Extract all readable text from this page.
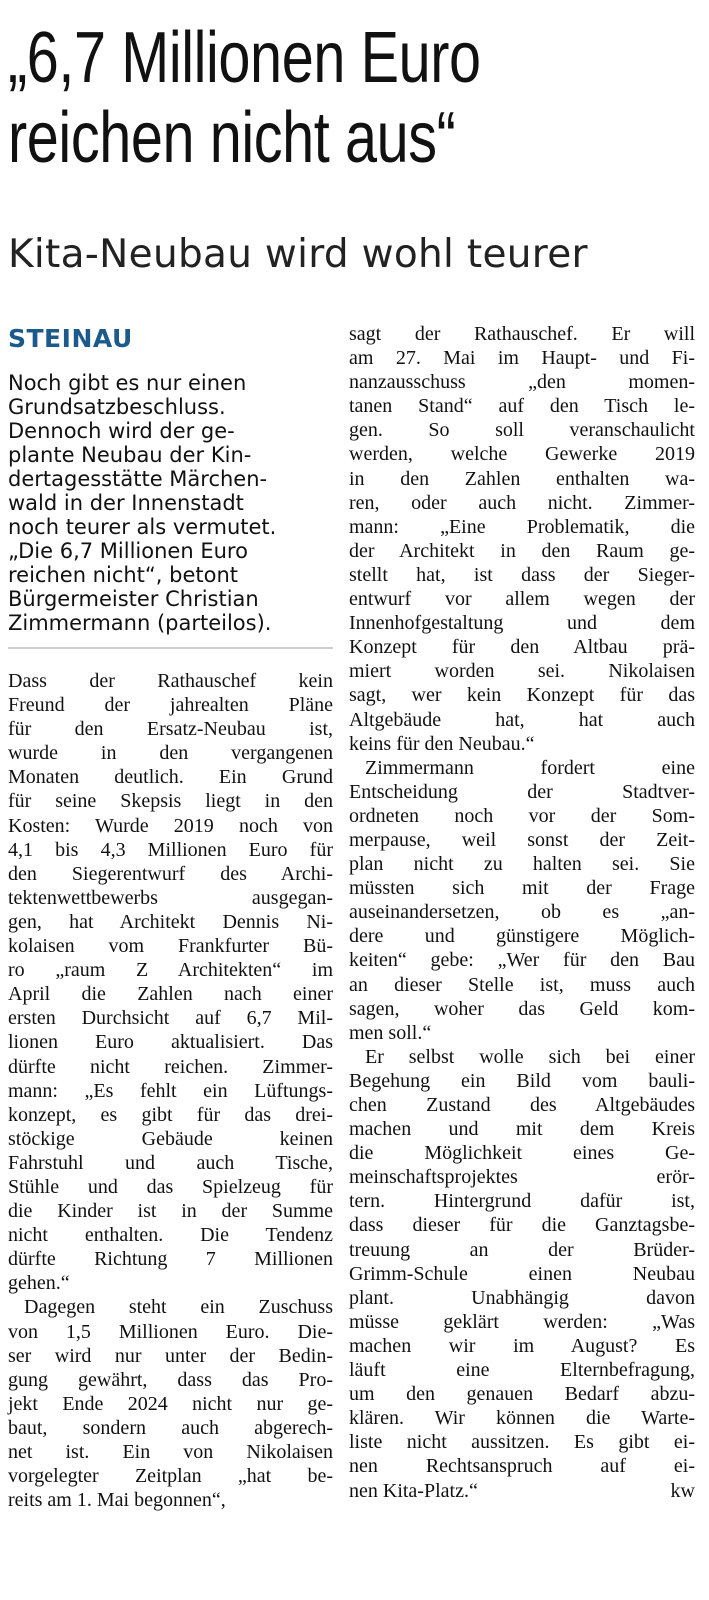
„6,7 Millionen Euro
reichen nicht aus“
Kita-Neubau wird wohl teurer
STEINAU
Noch gibt es nur einen
Grundsatzbeschluss.
Dennoch wird der ge-
plante Neubau der Kin-
dertagesstätte Märchen-
wald in der Innenstadt
noch teurer als vermutet.
„Die 6,7 Millionen Euro
reichen nicht“, betont
Bürgermeister Christian
Zimmermann (parteilos).
Dass der Rathauschef kein
Freund der jahrealten Pläne
für den Ersatz-Neubau ist,
wurde in den vergangenen
Monaten deutlich. Ein Grund
für seine Skepsis liegt in den
Kosten: Wurde 2019 noch von
4,1 bis 4,3 Millionen Euro für
den Siegerentwurf des Archi-
tektenwettbewerbs ausgegan-
gen, hat Architekt Dennis Ni-
kolaisen vom Frankfurter Bü-
ro „raum Z Architekten“ im
April die Zahlen nach einer
ersten Durchsicht auf 6,7 Mil-
lionen Euro aktualisiert. Das
dürfte nicht reichen. Zimmer-
mann: „Es fehlt ein Lüftungs-
konzept, es gibt für das drei-
stöckige Gebäude keinen
Fahrstuhl und auch Tische,
Stühle und das Spielzeug für
die Kinder ist in der Summe
nicht enthalten. Die Tendenz
dürfte Richtung 7 Millionen
gehen.“
Dagegen steht ein Zuschuss
von 1,5 Millionen Euro. Die-
ser wird nur unter der Bedin-
gung gewährt, dass das Pro-
jekt Ende 2024 nicht nur ge-
baut, sondern auch abgerech-
net ist. Ein von Nikolaisen
vorgelegter Zeitplan „hat be-
reits am 1. Mai begonnen“,
sagt der Rathauschef. Er will
am 27. Mai im Haupt- und Fi-
nanzausschuss „den momen-
tanen Stand“ auf den Tisch le-
gen. So soll veranschaulicht
werden, welche Gewerke 2019
in den Zahlen enthalten wa-
ren, oder auch nicht. Zimmer-
mann: „Eine Problematik, die
der Architekt in den Raum ge-
stellt hat, ist dass der Sieger-
entwurf vor allem wegen der
Innenhofgestaltung und dem
Konzept für den Altbau prä-
miert worden sei. Nikolaisen
sagt, wer kein Konzept für das
Altgebäude hat, hat auch
keins für den Neubau.“
Zimmermann fordert eine
Entscheidung der Stadtver-
ordneten noch vor der Som-
merpause, weil sonst der Zeit-
plan nicht zu halten sei. Sie
müssten sich mit der Frage
auseinandersetzen, ob es „an-
dere und günstigere Möglich-
keiten“ gebe: „Wer für den Bau
an dieser Stelle ist, muss auch
sagen, woher das Geld kom-
men soll.“
Er selbst wolle sich bei einer
Begehung ein Bild vom bauli-
chen Zustand des Altgebäudes
machen und mit dem Kreis
die Möglichkeit eines Ge-
meinschaftsprojektes erör-
tern. Hintergrund dafür ist,
dass dieser für die Ganztagsbe-
treuung an der Brüder-
Grimm-Schule einen Neubau
plant. Unabhängig davon
müsse geklärt werden: „Was
machen wir im August? Es
läuft eine Elternbefragung,
um den genauen Bedarf abzu-
klären. Wir können die Warte-
liste nicht aussitzen. Es gibt ei-
nen Rechtsanspruch auf ei-
nen Kita-Platz.“	kw
